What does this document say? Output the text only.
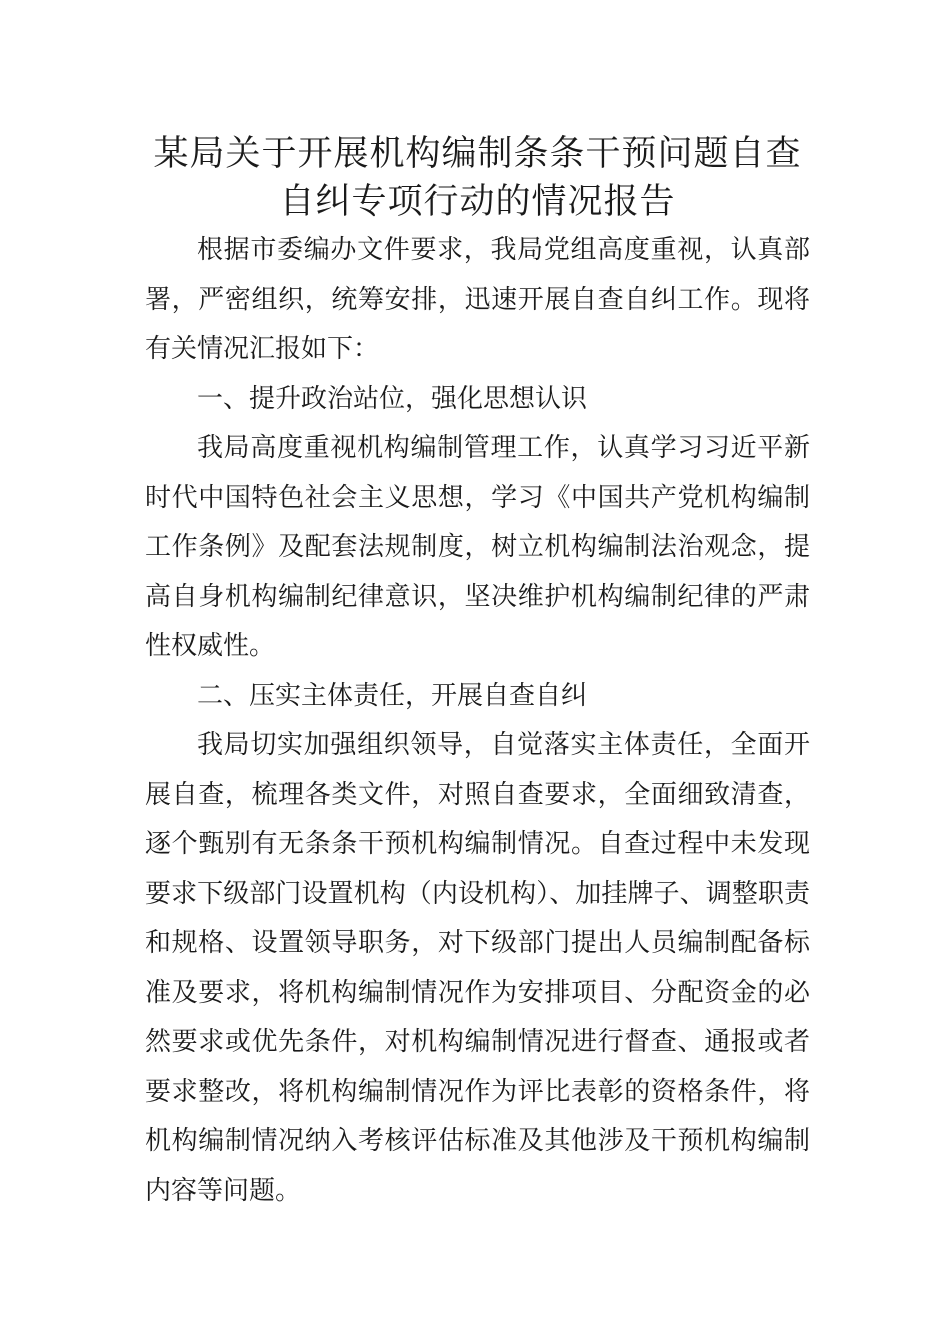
某局关于开展机构编制条条干预问题自查
自纠专项行动的情况报告

根据市委编办文件要求，我局党组高度重视，认真部署，严密组织，统筹安排，迅速开展自查自纠工作。现将有关情况汇报如下：

一、提升政治站位，强化思想认识

我局高度重视机构编制管理工作，认真学习习近平新时代中国特色社会主义思想，学习《中国共产党机构编制工作条例》及配套法规制度，树立机构编制法治观念，提高自身机构编制纪律意识，坚决维护机构编制纪律的严肃性权威性。

二、压实主体责任，开展自查自纠

我局切实加强组织领导，自觉落实主体责任，全面开展自查，梳理各类文件，对照自查要求，全面细致清查，逐个甄别有无条条干预机构编制情况。自查过程中未发现要求下级部门设置机构（内设机构）、加挂牌子、调整职责和规格、设置领导职务，对下级部门提出人员编制配备标准及要求，将机构编制情况作为安排项目、分配资金的必然要求或优先条件，对机构编制情况进行督查、通报或者要求整改，将机构编制情况作为评比表彰的资格条件，将机构编制情况纳入考核评估标准及其他涉及干预机构编制内容等问题。
